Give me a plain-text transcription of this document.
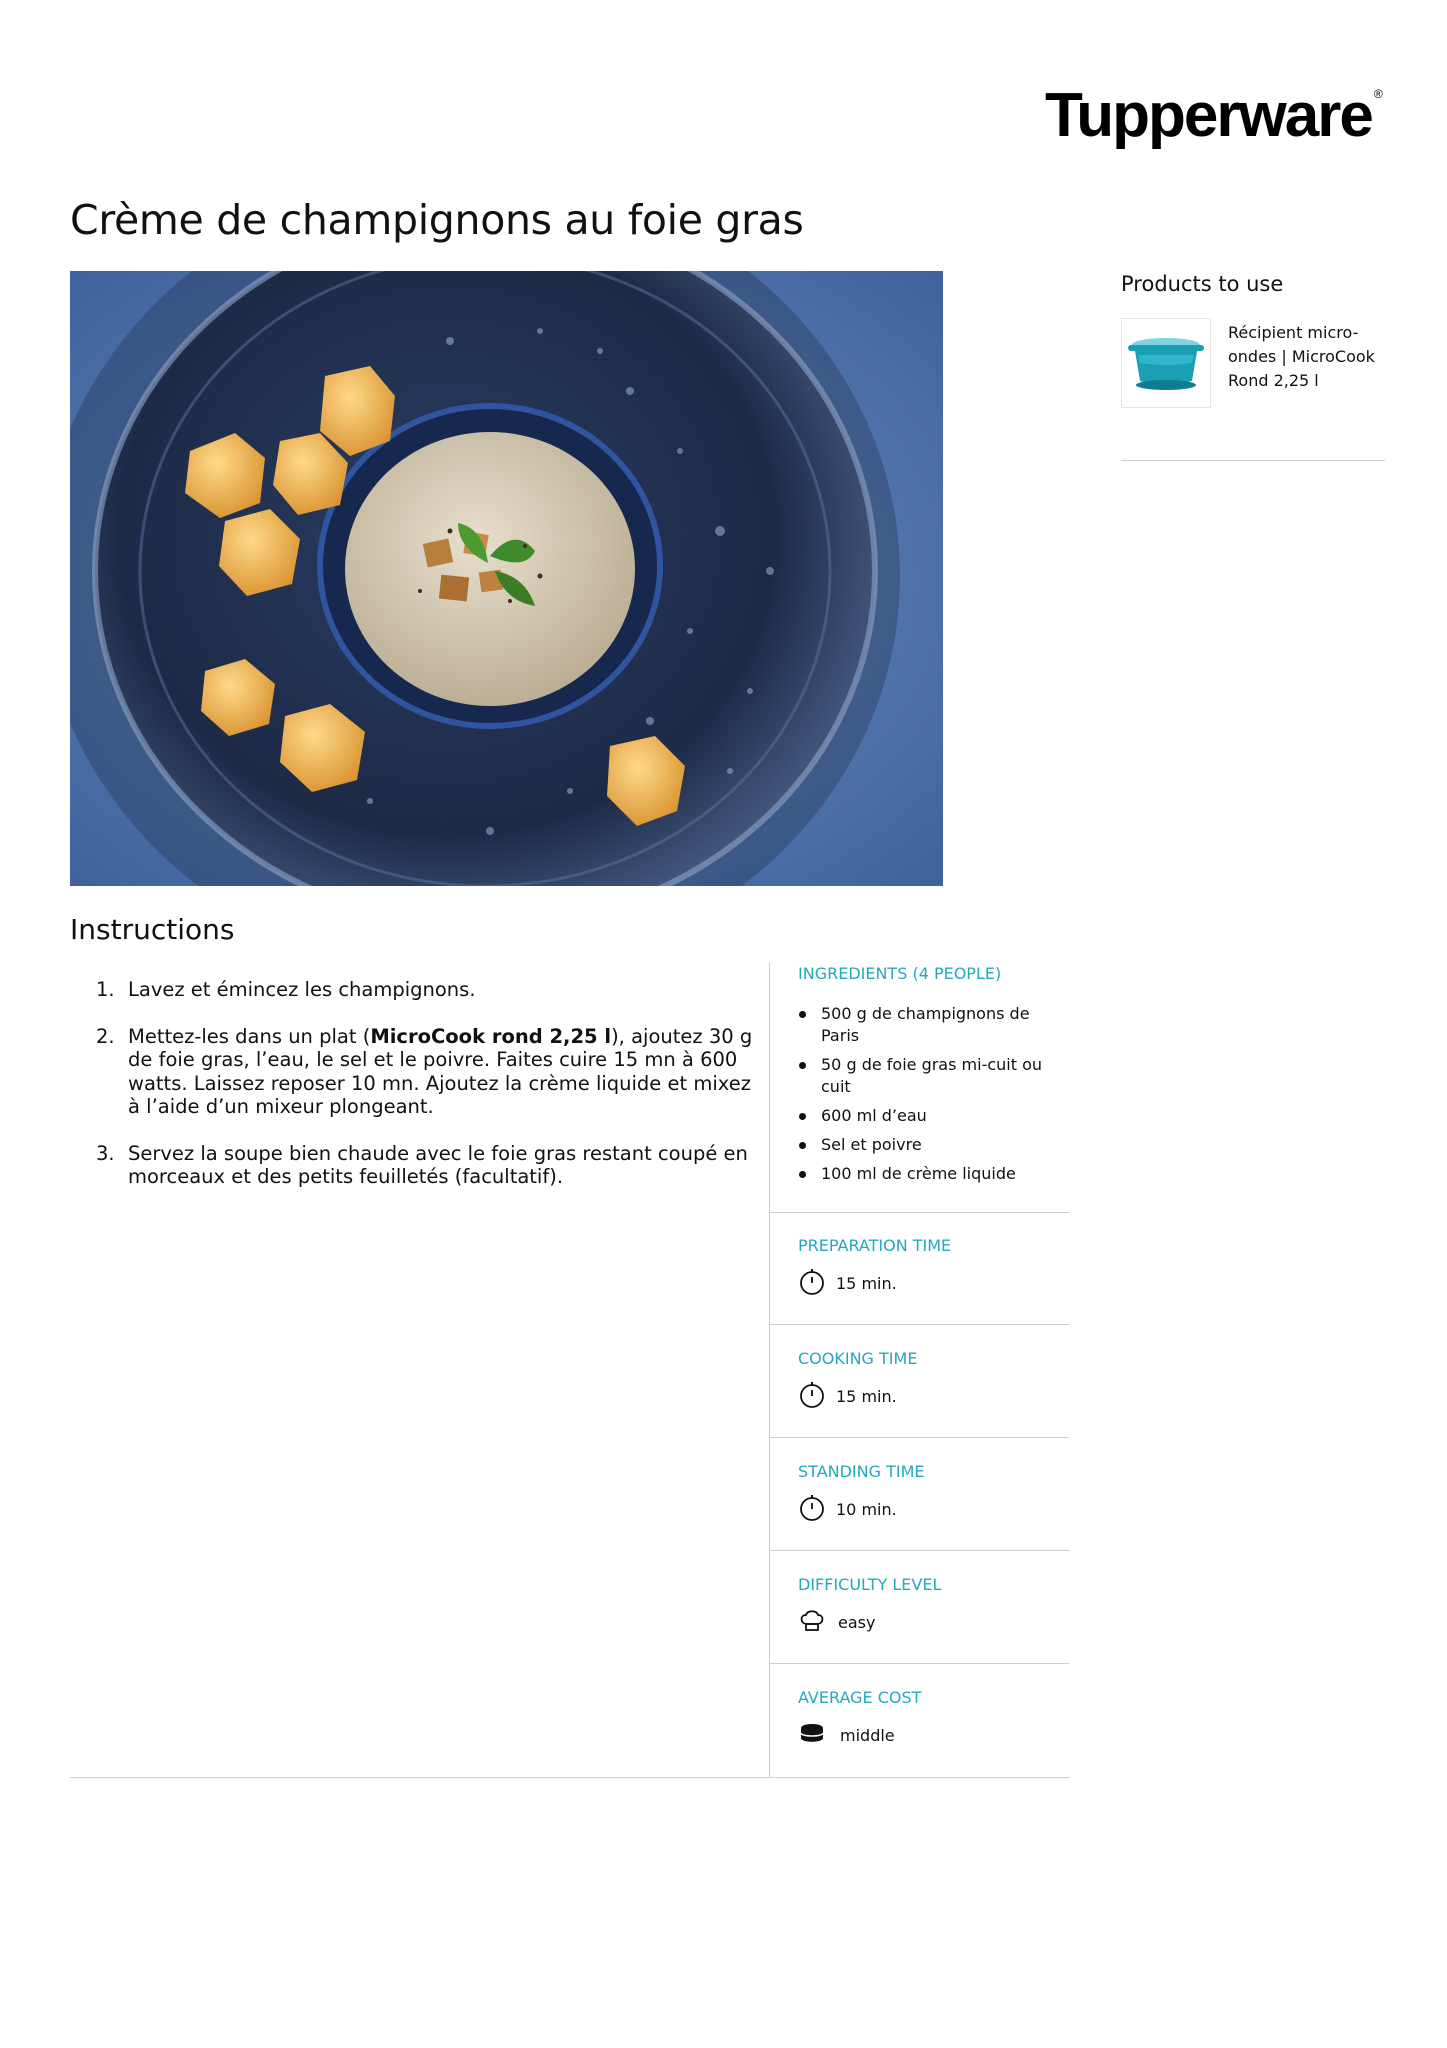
Tupperware ®
Crème de champignons au foie gras
Products to use
Récipient micro-ondes | MicroCook Rond 2,25 l
Instructions
1. Lavez et émincez les champignons.
2. Mettez-les dans un plat (MicroCook rond 2,25 l), ajoutez 30 g de foie gras, l’eau, le sel et le poivre. Faites cuire 15 mn à 600 watts. Laissez reposer 10 mn. Ajoutez la crème liquide et mixez à l’aide d’un mixeur plongeant.
3. Servez la soupe bien chaude avec le foie gras restant coupé en morceaux et des petits feuilletés (facultatif).
INGREDIENTS (4 PEOPLE)
500 g de champignons de Paris
50 g de foie gras mi-cuit ou cuit
600 ml d’eau
Sel et poivre
100 ml de crème liquide
PREPARATION TIME
15 min.
COOKING TIME
15 min.
STANDING TIME
10 min.
DIFFICULTY LEVEL
easy
AVERAGE COST
middle
